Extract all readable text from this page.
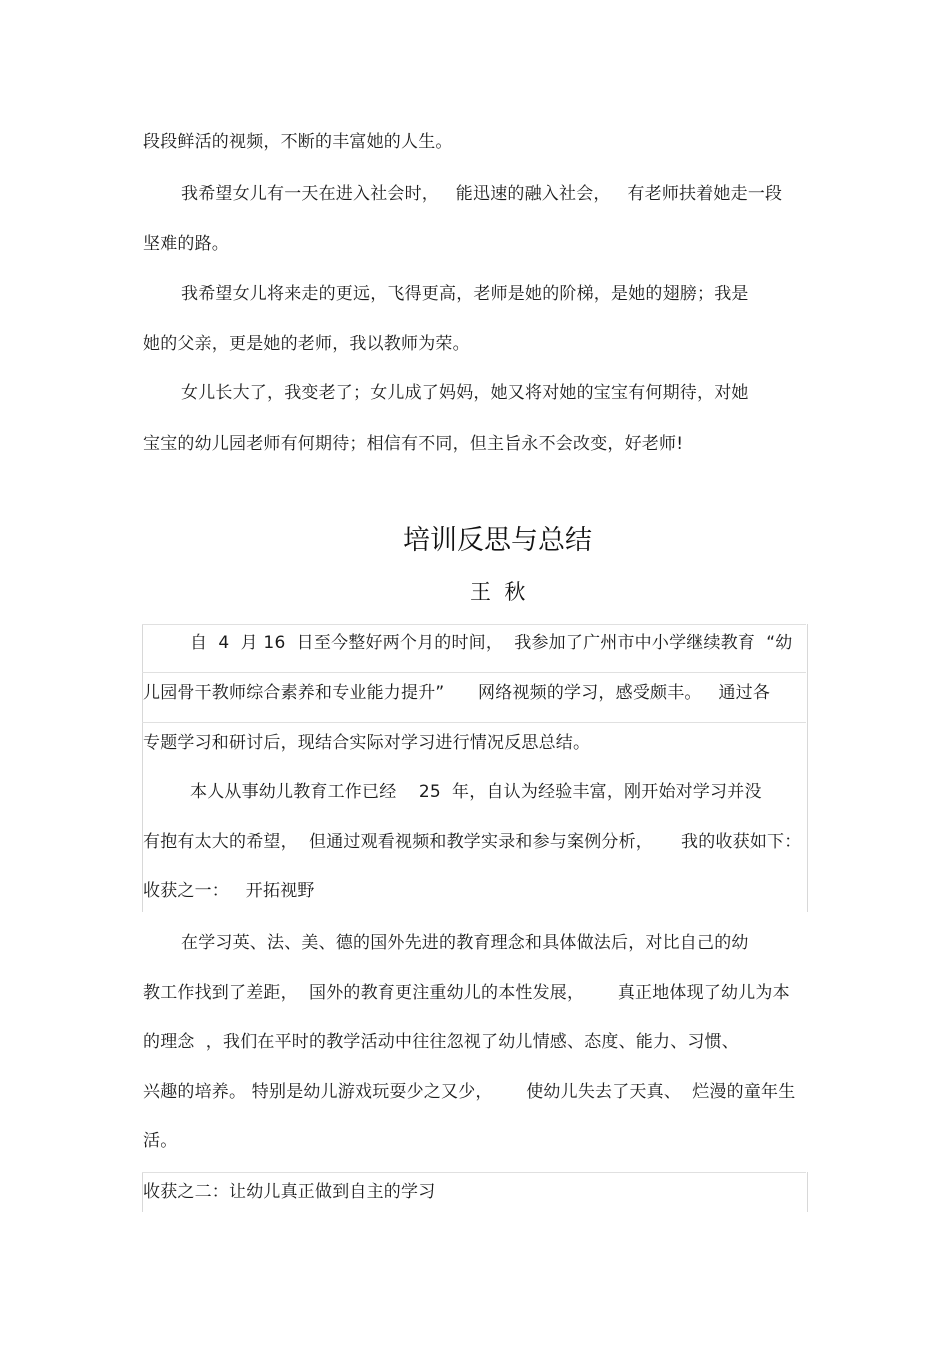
段段鲜活的视频，不断的丰富她的人生。
我希望女儿有一天在进入社会时，   能迅速的融入社会，   有老师扶着她走一段
坚难的路。
我希望女儿将来走的更远，飞得更高，老师是她的阶梯，是她的翅膀；我是
她的父亲，更是她的老师，我以教师为荣。
女儿长大了，我变老了；女儿成了妈妈，她又将对她的宝宝有何期待，对她
宝宝的幼儿园老师有何期待；相信有不同，但主旨永不会改变，好老师!
培训反思与总结
王  秋
自  4  月 16  日至今整好两个月的时间，  我参加了广州市中小学继续教育  “幼
儿园骨干教师综合素养和专业能力提升”      网络视频的学习，感受颇丰。   通过各
专题学习和研讨后，现结合实际对学习进行情况反思总结。
本人从事幼儿教育工作已经    25  年，自认为经验丰富，刚开始对学习并没
有抱有太大的希望，  但通过观看视频和教学实录和参与案例分析，     我的收获如下：
收获之一：   开拓视野
在学习英、法、美、德的国外先进的教育理念和具体做法后，对比自己的幼
教工作找到了差距，  国外的教育更注重幼儿的本性发展，      真正地体现了幼儿为本
的理念  ，我们在平时的教学活动中往往忽视了幼儿情感、态度、能力、习惯、
兴趣的培养。 特别是幼儿游戏玩耍少之又少，      使幼儿失去了天真、  烂漫的童年生
活。
收获之二：让幼儿真正做到自主的学习
